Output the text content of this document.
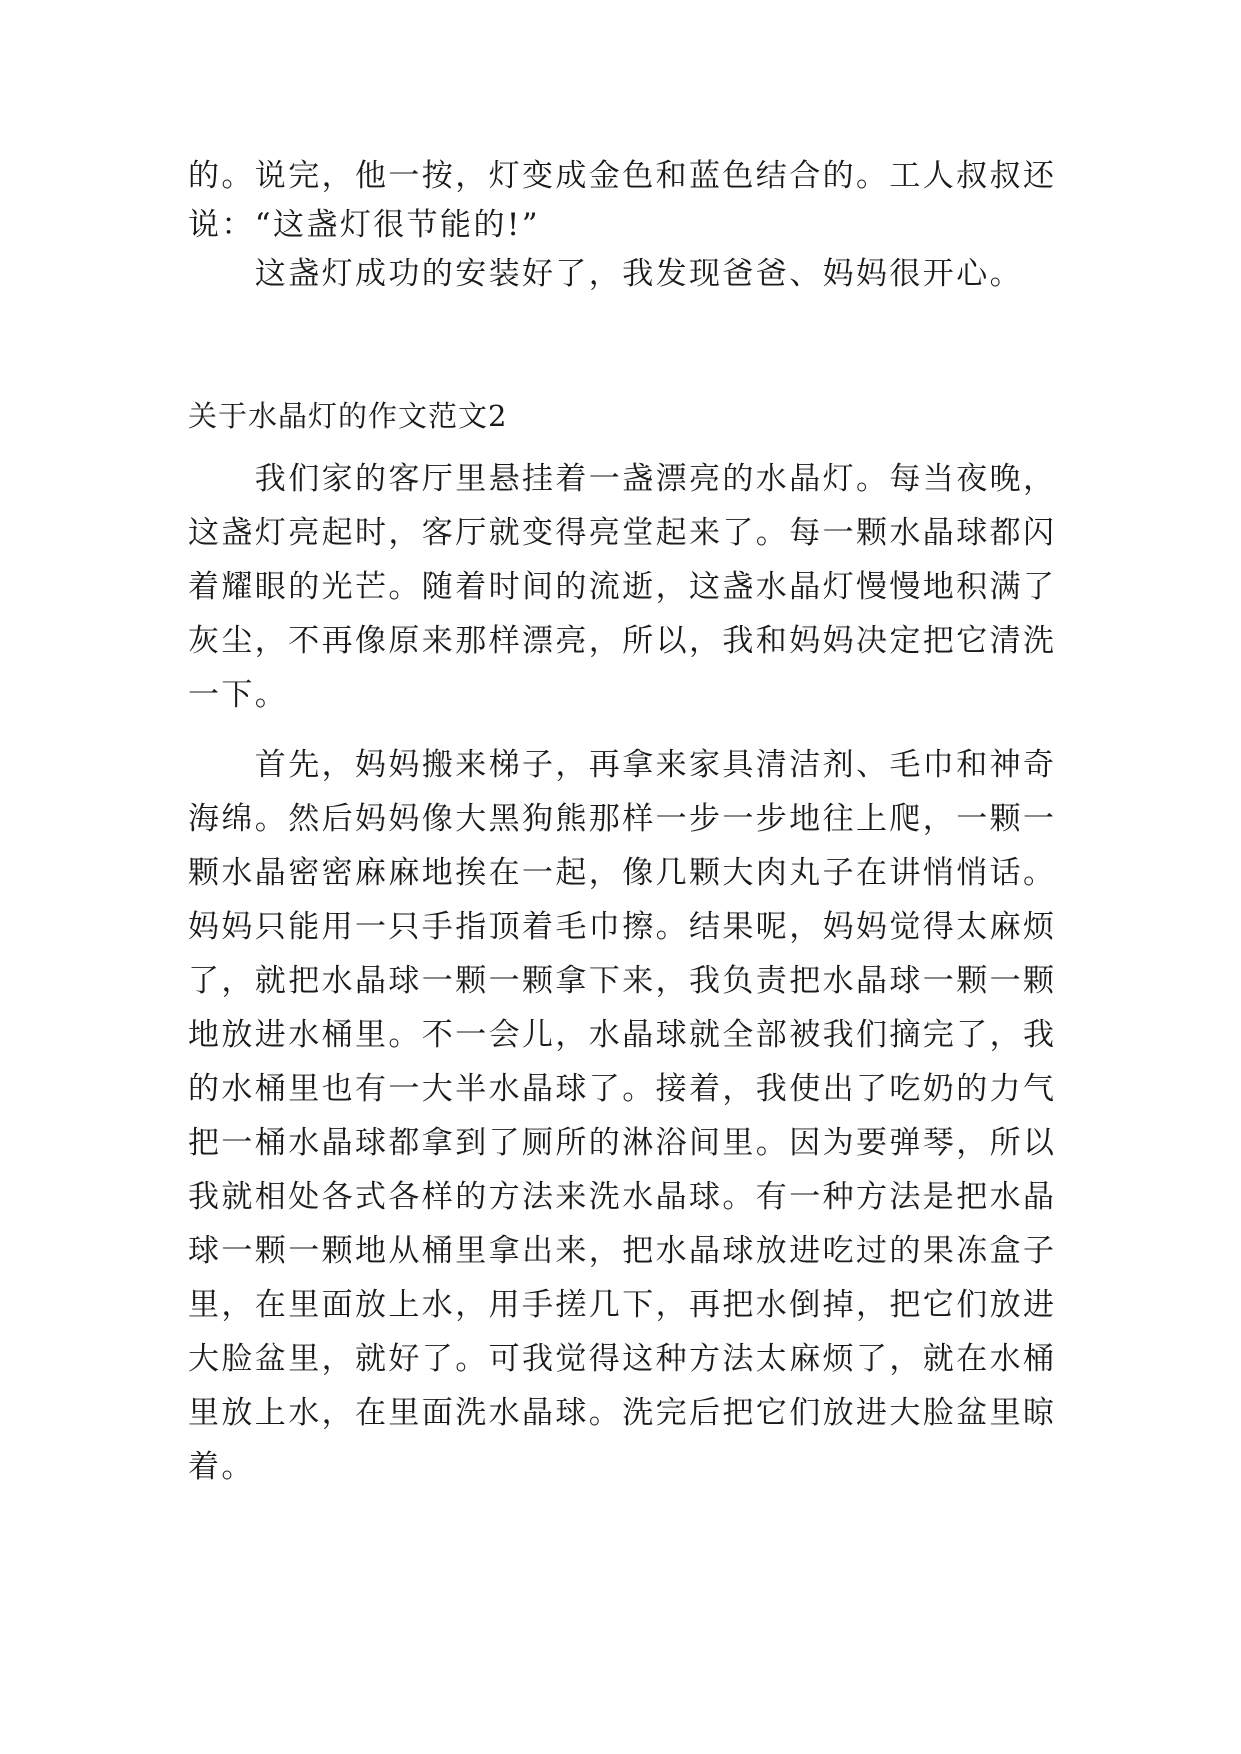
的。说完，他一按，灯变成金色和蓝色结合的。工人叔叔还

说：“这盏灯很节能的!”

　　这盏灯成功的安装好了，我发现爸爸、妈妈很开心。

关于水晶灯的作文范文2

　　我们家的客厅里悬挂着一盏漂亮的水晶灯。每当夜晚，

这盏灯亮起时，客厅就变得亮堂起来了。每一颗水晶球都闪

着耀眼的光芒。随着时间的流逝，这盏水晶灯慢慢地积满了

灰尘，不再像原来那样漂亮，所以，我和妈妈决定把它清洗

一下。

　　首先，妈妈搬来梯子，再拿来家具清洁剂、毛巾和神奇

海绵。然后妈妈像大黑狗熊那样一步一步地往上爬，一颗一

颗水晶密密麻麻地挨在一起，像几颗大肉丸子在讲悄悄话。

妈妈只能用一只手指顶着毛巾擦。结果呢，妈妈觉得太麻烦

了，就把水晶球一颗一颗拿下来，我负责把水晶球一颗一颗

地放进水桶里。不一会儿，水晶球就全部被我们摘完了，我

的水桶里也有一大半水晶球了。接着，我使出了吃奶的力气

把一桶水晶球都拿到了厕所的淋浴间里。因为要弹琴，所以

我就相处各式各样的方法来洗水晶球。有一种方法是把水晶

球一颗一颗地从桶里拿出来，把水晶球放进吃过的果冻盒子

里，在里面放上水，用手搓几下，再把水倒掉，把它们放进

大脸盆里，就好了。可我觉得这种方法太麻烦了，就在水桶

里放上水，在里面洗水晶球。洗完后把它们放进大脸盆里晾

着。
